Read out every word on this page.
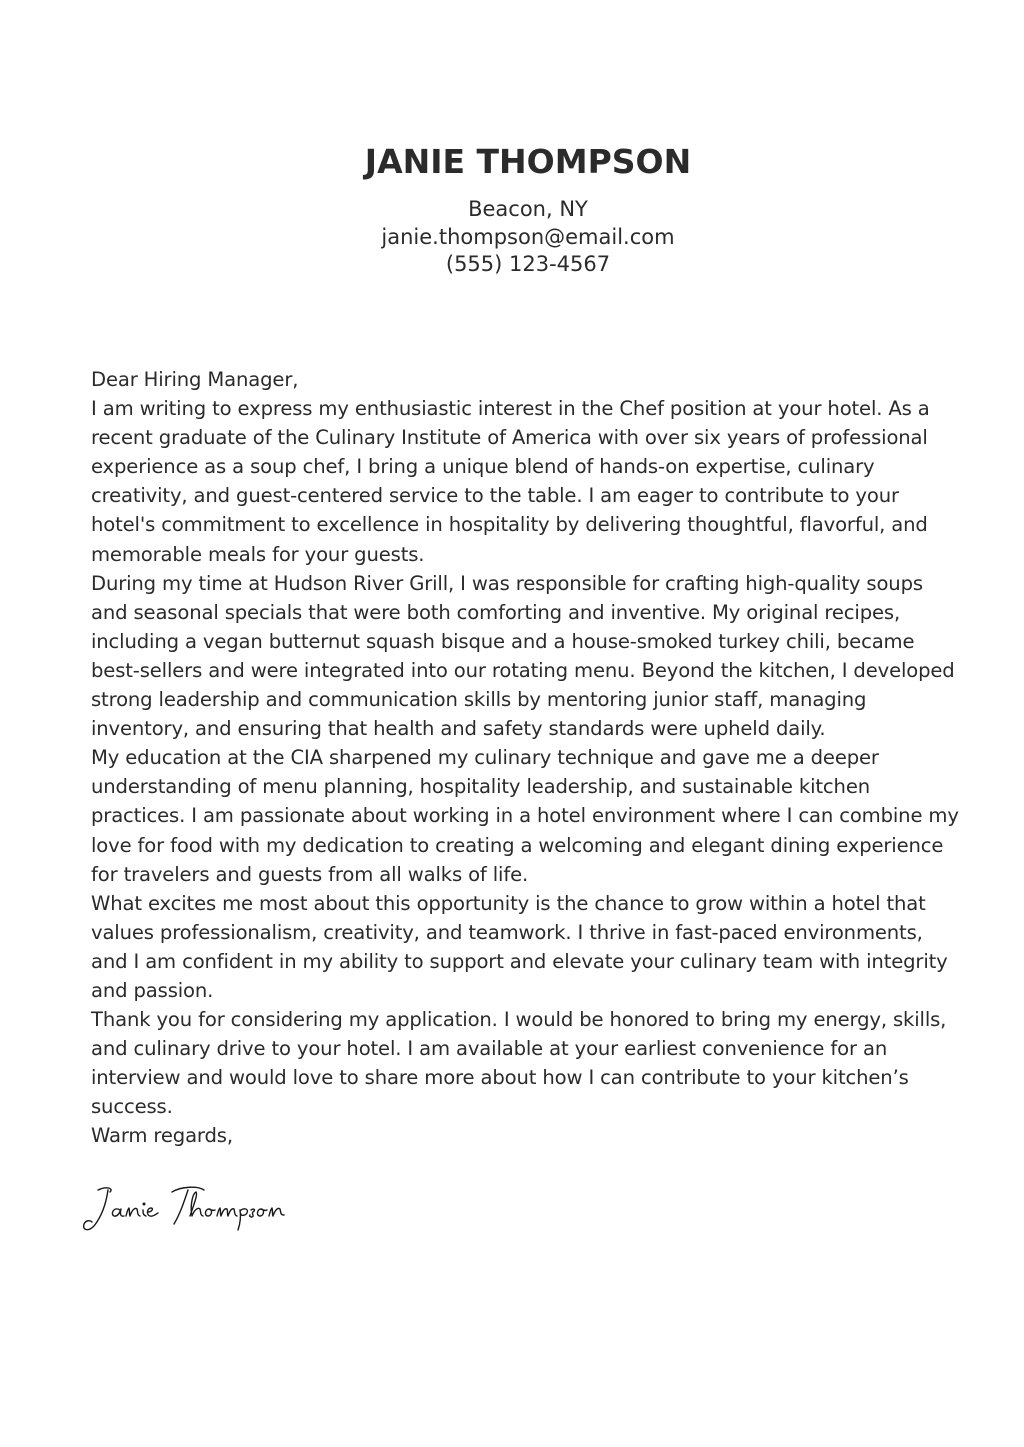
JANIE THOMPSON
Beacon, NY
janie.thompson@email.com
(555) 123-4567

Dear Hiring Manager,

I am writing to express my enthusiastic interest in the Chef position at your hotel. As a recent graduate of the Culinary Institute of America with over six years of professional experience as a soup chef, I bring a unique blend of hands-on expertise, culinary creativity, and guest-centered service to the table. I am eager to contribute to your hotel's commitment to excellence in hospitality by delivering thoughtful, flavorful, and memorable meals for your guests.

During my time at Hudson River Grill, I was responsible for crafting high-quality soups and seasonal specials that were both comforting and inventive. My original recipes, including a vegan butternut squash bisque and a house-smoked turkey chili, became best-sellers and were integrated into our rotating menu. Beyond the kitchen, I developed strong leadership and communication skills by mentoring junior staff, managing inventory, and ensuring that health and safety standards were upheld daily.

My education at the CIA sharpened my culinary technique and gave me a deeper understanding of menu planning, hospitality leadership, and sustainable kitchen practices. I am passionate about working in a hotel environment where I can combine my love for food with my dedication to creating a welcoming and elegant dining experience for travelers and guests from all walks of life.

What excites me most about this opportunity is the chance to grow within a hotel that values professionalism, creativity, and teamwork. I thrive in fast-paced environments, and I am confident in my ability to support and elevate your culinary team with integrity and passion.

Thank you for considering my application. I would be honored to bring my energy, skills, and culinary drive to your hotel. I am available at your earliest convenience for an interview and would love to share more about how I can contribute to your kitchen’s success.

Warm regards,
